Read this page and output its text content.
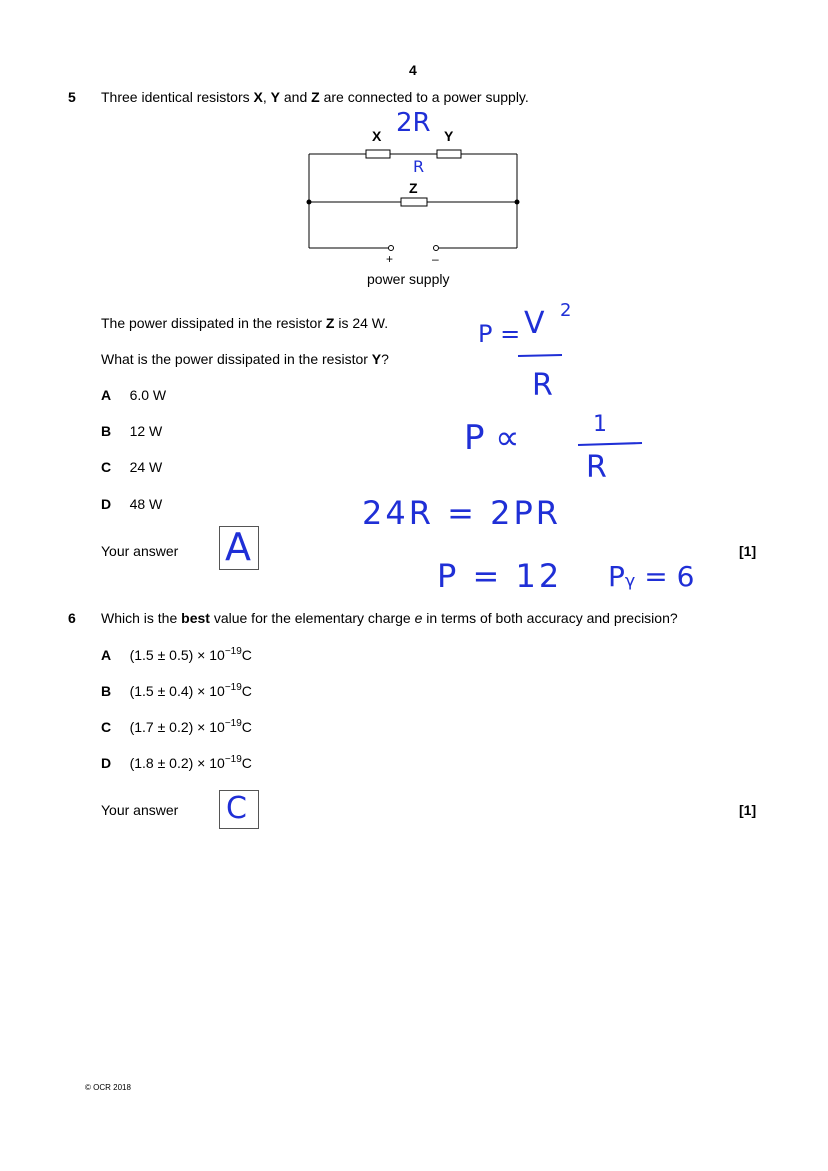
4
5 Three identical resistors X, Y and Z are connected to a power supply.
X	Y
Z
+	–
power supply
The power dissipated in the resistor Z is 24 W.
What is the power dissipated in the resistor Y?
A 6.0 W
B 12 W
C 24 W
D 48 W
Your answer A	[1]
2R
R
P = V 2
R
P ∝	1
R
24R = 2PR
P = 12 Pᵧ = 6
6 Which is the best value for the elementary charge e in terms of both accuracy and precision?
A $(1.5 \pm 0.5) \times 10^{-19}C$
B $(1.5 \pm 0.4) \times 10^{-19}C$
C $(1.7 \pm 0.2) \times 10^{-19}C$
D $(1.8 \pm 0.2) \times 10^{-19}C$
Your answer C	[1]
© OCR 2018
